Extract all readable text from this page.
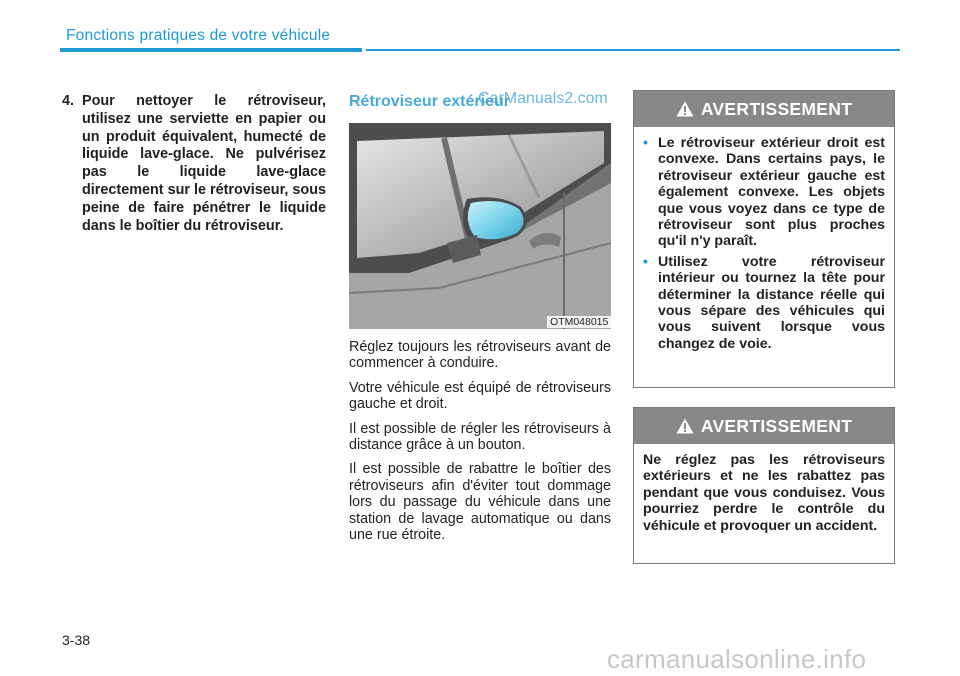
Fonctions pratiques de votre véhicule
4. Pour nettoyer le rétroviseur, utilisez une serviette en papier ou un produit équivalent, humecté de liquide lave-glace. Ne pulvérisez pas le liquide lave-glace directement sur le rétroviseur, sous peine de faire pénétrer le liquide dans le boîtier du rétroviseur.
Rétroviseur extérieur
CarManuals2.com
OTM048015

Réglez toujours les rétroviseurs avant de commencer à conduire.

Votre véhicule est équipé de rétroviseurs gauche et droit.

Il est possible de régler les rétroviseurs à distance grâce à un bouton.

Il est possible de rabattre le boîtier des rétroviseurs afin d'éviter tout dommage lors du passage du véhicule dans une station de lavage automatique ou dans une rue étroite.

AVERTISSEMENT
• Le rétroviseur extérieur droit est convexe. Dans certains pays, le rétroviseur extérieur gauche est également convexe. Les objets que vous voyez dans ce type de rétroviseur sont plus proches qu'il n'y paraît.
• Utilisez votre rétroviseur intérieur ou tournez la tête pour déterminer la distance réelle qui vous sépare des véhicules qui vous suivent lorsque vous changez de voie.
AVERTISSEMENT
Ne réglez pas les rétroviseurs extérieurs et ne les rabattez pas pendant que vous conduisez. Vous pourriez perdre le contrôle du véhicule et provoquer un accident.
3-38
carmanualsonline.info
